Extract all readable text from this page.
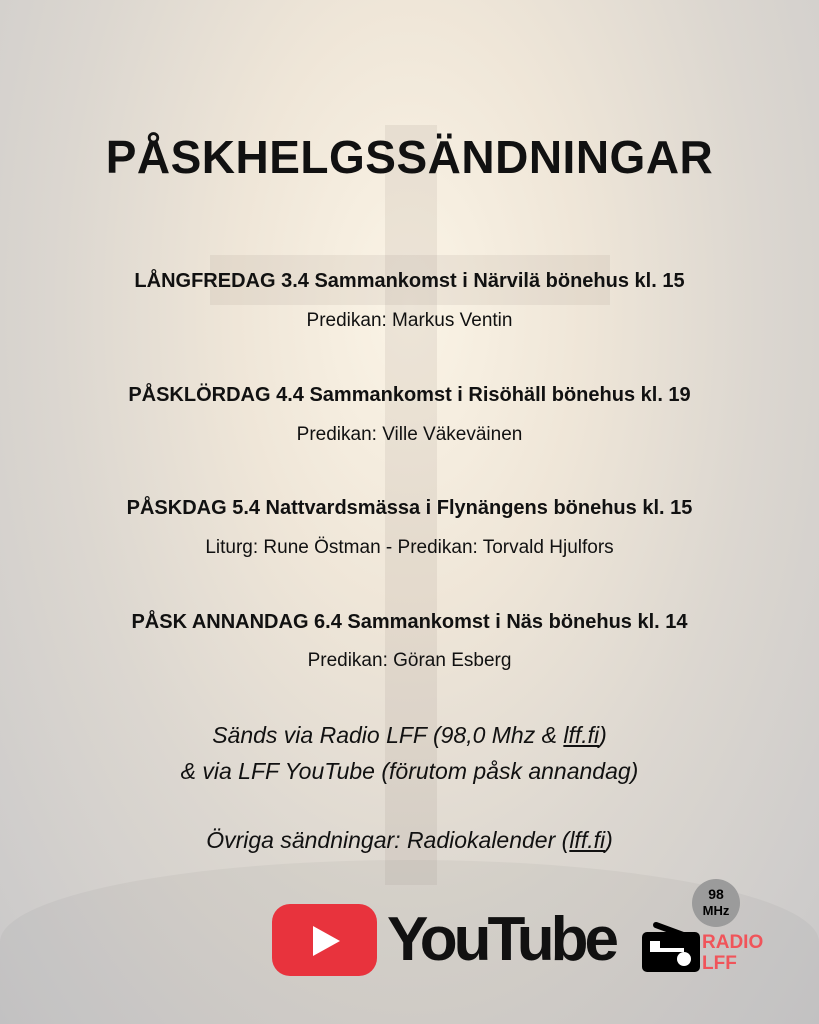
PÅSKHELGSSÄNDNINGAR
LÅNGFREDAG 3.4 Sammankomst i Närvilä bönehus kl. 15
Predikan: Markus Ventin
PÅSKLÖRDAG 4.4 Sammankomst i Risöhäll bönehus kl. 19
Predikan: Ville Väkeväinen
PÅSKDAG 5.4 Nattvardsmässa i Flynängens bönehus kl. 15
Liturg: Rune Östman - Predikan: Torvald Hjulfors
PÅSK ANNANDAG 6.4 Sammankomst i Näs bönehus kl. 14
Predikan: Göran Esberg
Sänds via Radio LFF (98,0 Mhz & lff.fi)
& via LFF YouTube (förutom påsk annandag)
Övriga sändningar: Radiokalender (lff.fi)
YouTube
98
MHz
RADIO
LFF
